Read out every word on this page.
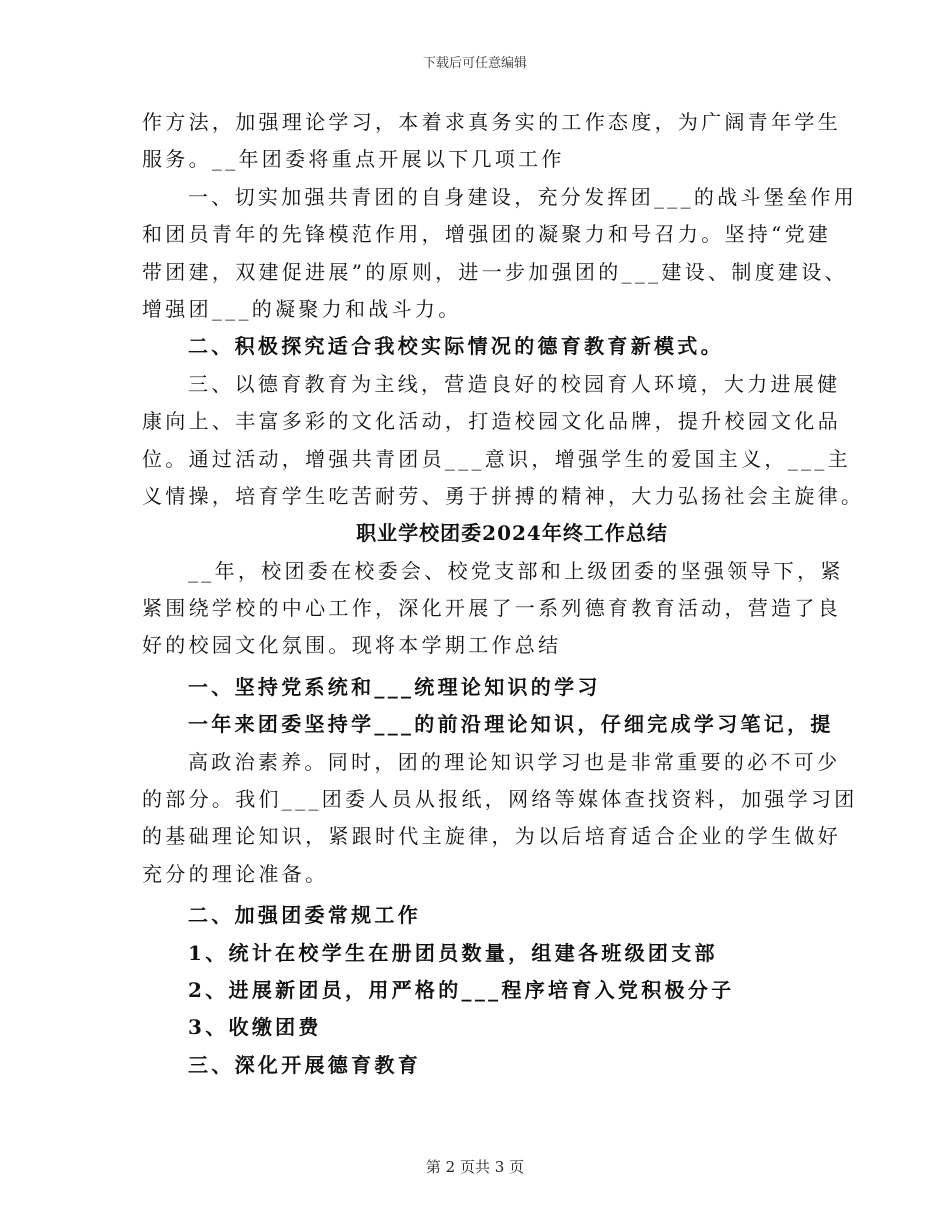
下载后可任意编辑
作方法，加强理论学习，本着求真务实的工作态度，为广阔青年学生
服务。__年团委将重点开展以下几项工作
一、切实加强共青团的自身建设，充分发挥团___的战斗堡垒作用
和团员青年的先锋模范作用，增强团的凝聚力和号召力。坚持“党建
带团建，双建促进展”的原则，进一步加强团的___建设、制度建设、
增强团___的凝聚力和战斗力。
二、积极探究适合我校实际情况的德育教育新模式。
三、以德育教育为主线，营造良好的校园育人环境，大力进展健
康向上、丰富多彩的文化活动，打造校园文化品牌，提升校园文化品
位。通过活动，增强共青团员___意识，增强学生的爱国主义，___主
义情操，培育学生吃苦耐劳、勇于拼搏的精神，大力弘扬社会主旋律。
职业学校团委2024年终工作总结
__年，校团委在校委会、校党支部和上级团委的坚强领导下，紧
紧围绕学校的中心工作，深化开展了一系列德育教育活动，营造了良
好的校园文化氛围。现将本学期工作总结
一、坚持党系统和___统理论知识的学习
一年来团委坚持学___的前沿理论知识，仔细完成学习笔记，提
高政治素养。同时，团的理论知识学习也是非常重要的必不可少
的部分。我们___团委人员从报纸，网络等媒体查找资料，加强学习团
的基础理论知识，紧跟时代主旋律，为以后培育适合企业的学生做好
充分的理论准备。
二、加强团委常规工作
1、统计在校学生在册团员数量，组建各班级团支部
2、进展新团员，用严格的___程序培育入党积极分子
3、收缴团费
三、深化开展德育教育
第 2 页共 3 页
